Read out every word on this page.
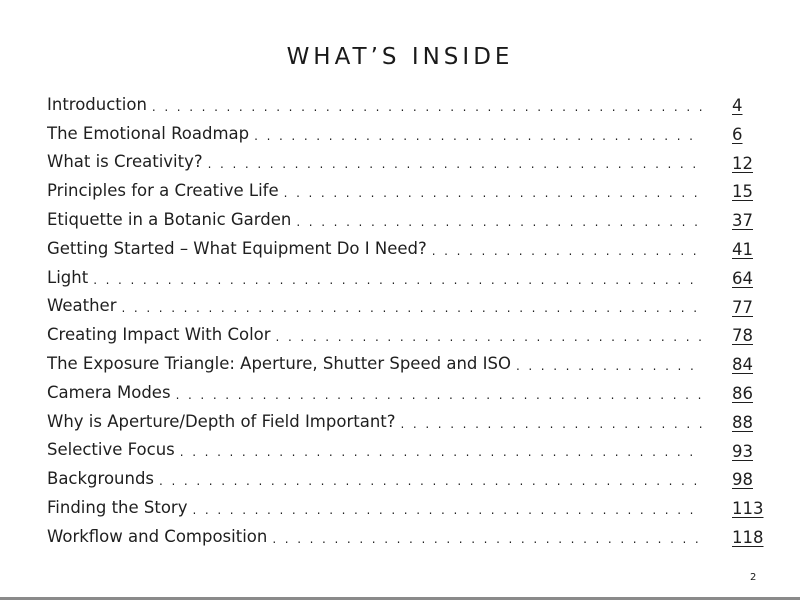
WHAT’S INSIDE
Introduction . . .	4
The Emotional Roadmap . . .	6
What is Creativity? . . .	12
Principles for a Creative Life . . .	15
Etiquette in a Botanic Garden . . .	37
Getting Started – What Equipment Do I Need? . . .	41
Light . . .	64
Weather . . .	77
Creating Impact With Color . . .	78
The Exposure Triangle: Aperture, Shutter Speed and ISO . . .	84
Camera Modes . . .	86
Why is Aperture/Depth of Field Important? . . .	88
Selective Focus . . .	93
Backgrounds . . .	98
Finding the Story . . .	113
Workflow and Composition . . .	118
2
